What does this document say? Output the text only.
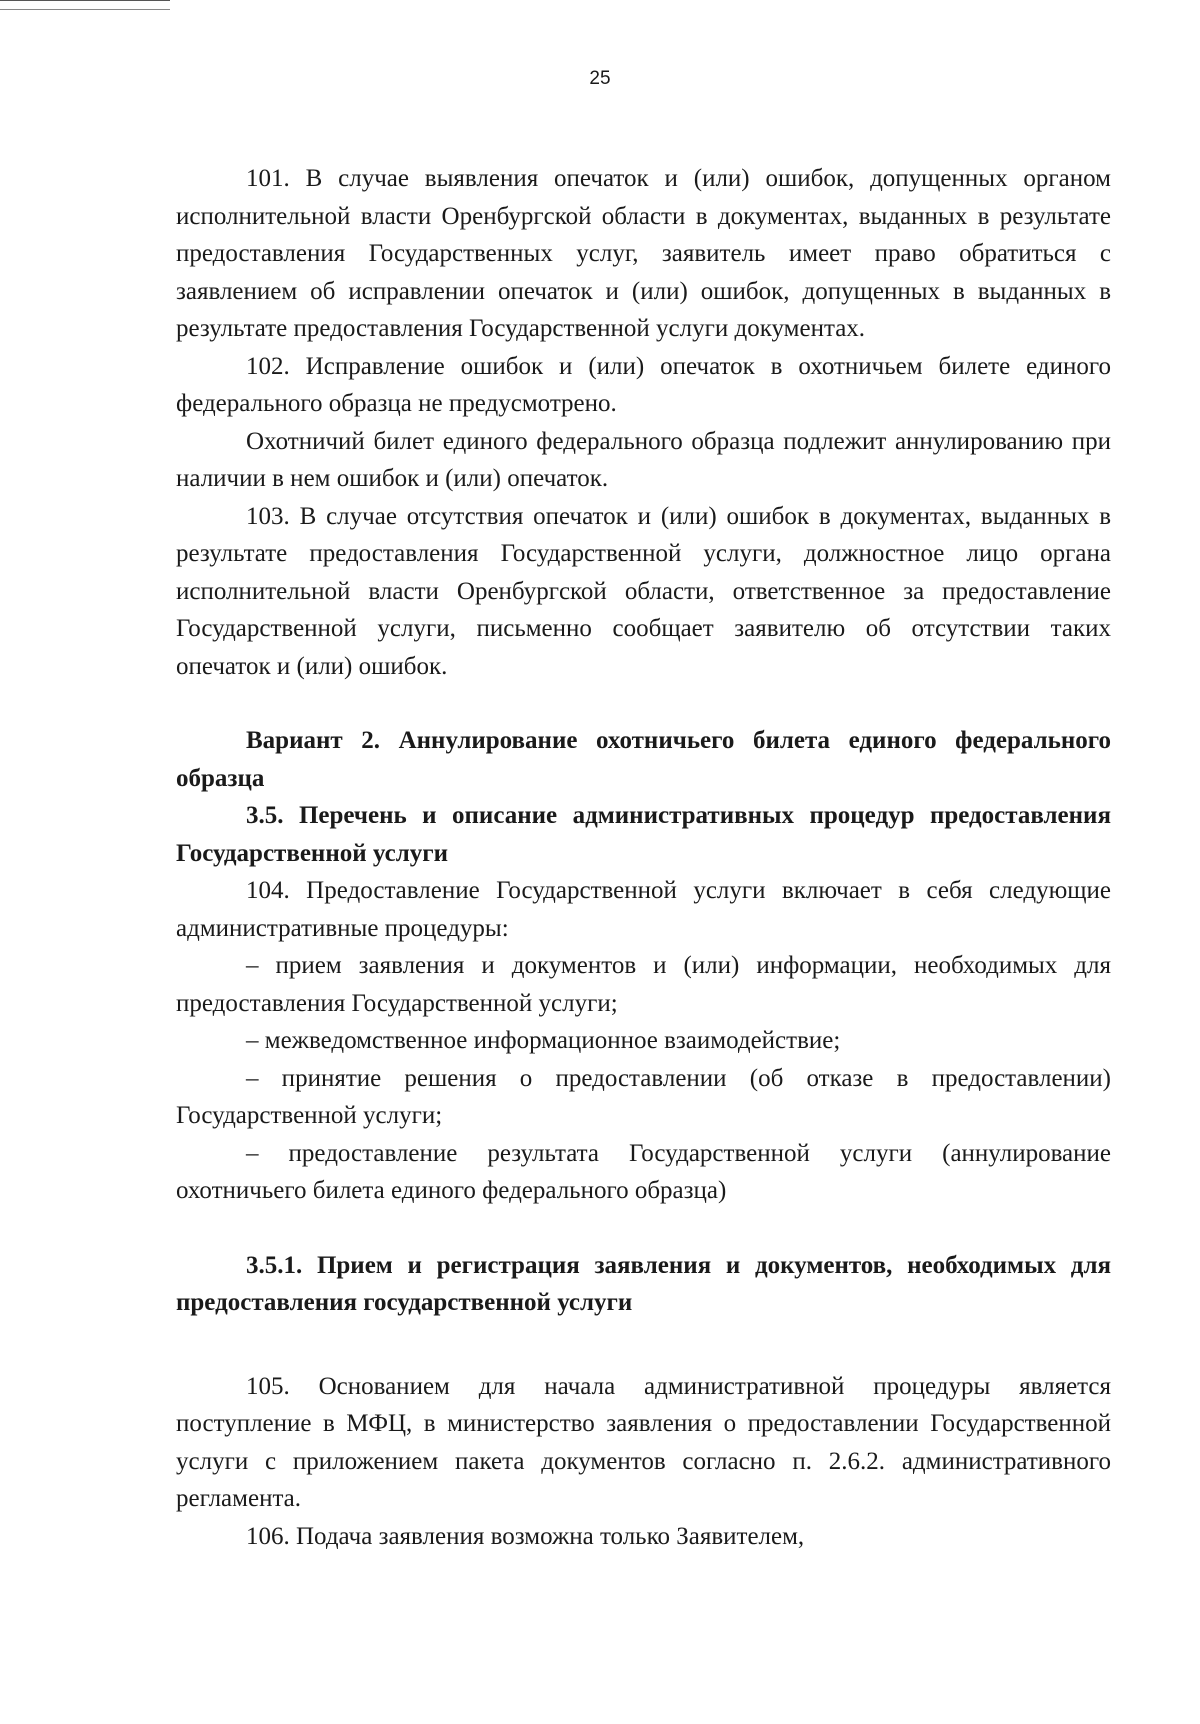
25

101. В случае выявления опечаток и (или) ошибок, допущенных органом исполнительной власти Оренбургской области в документах, выданных в результате предоставления Государственных услуг, заявитель имеет право обратиться с заявлением об исправлении опечаток и (или) ошибок, допущенных в выданных в результате предоставления Государственной услуги документах.

102. Исправление ошибок и (или) опечаток в охотничьем билете единого федерального образца не предусмотрено.

Охотничий билет единого федерального образца подлежит аннулированию при наличии в нем ошибок и (или) опечаток.

103. В случае отсутствия опечаток и (или) ошибок в документах, выданных в результате предоставления Государственной услуги, должностное лицо органа исполнительной власти Оренбургской области, ответственное за предоставление Государственной услуги, письменно сообщает заявителю об отсутствии таких опечаток и (или) ошибок.

Вариант 2. Аннулирование охотничьего билета единого федерального образца

3.5. Перечень и описание административных процедур предоставления Государственной услуги

104. Предоставление Государственной услуги включает в себя следующие административные процедуры:

– прием заявления и документов и (или) информации, необходимых для предоставления Государственной услуги;

– межведомственное информационное взаимодействие;

– принятие решения о предоставлении (об отказе в предоставлении) Государственной услуги;

– предоставление результата Государственной услуги (аннулирование охотничьего билета единого федерального образца)

3.5.1. Прием и регистрация заявления и документов, необходимых для предоставления государственной услуги

105. Основанием для начала административной процедуры является поступление в МФЦ, в министерство заявления о предоставлении Государственной услуги с приложением пакета документов согласно п. 2.6.2. административного регламента.

106. Подача заявления возможна только Заявителем,
